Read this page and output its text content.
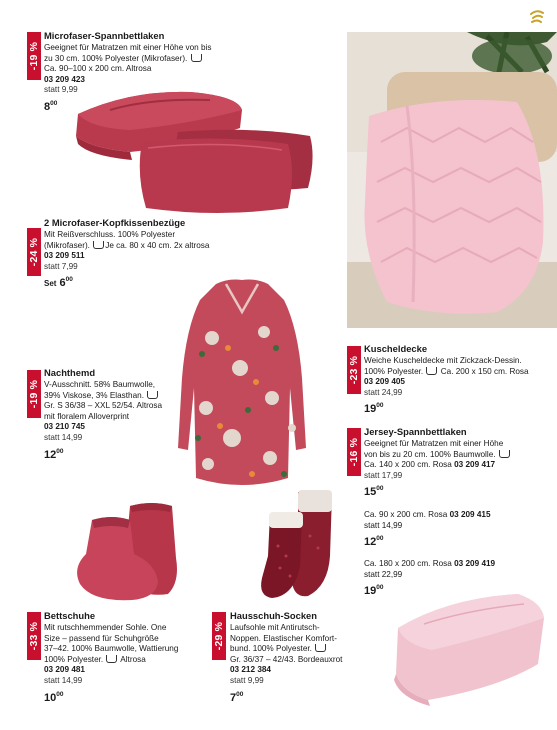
-19 %
Microfaser-Spannbettlaken
Geeignet für Matratzen mit einer Höhe von bis
zu 30 cm. 100% Polyester (Mikrofaser).
Ca. 90–100 x 200 cm. Altrosa
03 209 423
statt 9,99
$8^{00}$
-24 %
2 Microfaser-Kopfkissenbezüge
Mit Reißverschluss. 100% Polyester
(Mikrofaser). Je ca. 80 x 40 cm. 2x altrosa
03 209 511
statt 7,99
Set $6^{00}$
-19 %
Nachthemd
V-Ausschnitt. 58% Baumwolle,
39% Viskose, 3% Elasthan.
Gr. S 36/38 – XXL 52/54. Altrosa
mit floralem Alloverprint
03 210 745
statt 14,99
$12^{00}$
-23 %
Kuscheldecke
Weiche Kuscheldecke mit Zickzack-Dessin.
100% Polyester. Ca. 200 x 150 cm. Rosa
03 209 405
statt 24,99
$19^{00}$
-16 %
Jersey-Spannbettlaken
Geeignet für Matratzen mit einer Höhe
von bis zu 20 cm. 100% Baumwolle.
Ca. 140 x 200 cm. Rosa 03 209 417
statt 17,99
$15^{00}$
Ca. 90 x 200 cm. Rosa 03 209 415
statt 14,99
$12^{00}$
Ca. 180 x 200 cm. Rosa 03 209 419
statt 22,99
$19^{00}$
-33 %
Bettschuhe
Mit rutschhemmender Sohle. One
Size – passend für Schuhgröße
37–42. 100% Baumwolle, Wattierung
100% Polyester. Altrosa
03 209 481
statt 14,99
$10^{00}$
-29 %
Hausschuh-Socken
Laufsohle mit Antirutsch-
Noppen. Elastischer Komfort-
bund. 100% Polyester.
Gr. 36/37 – 42/43. Bordeauxrot
03 212 384
statt 9,99
$7^{00}$
